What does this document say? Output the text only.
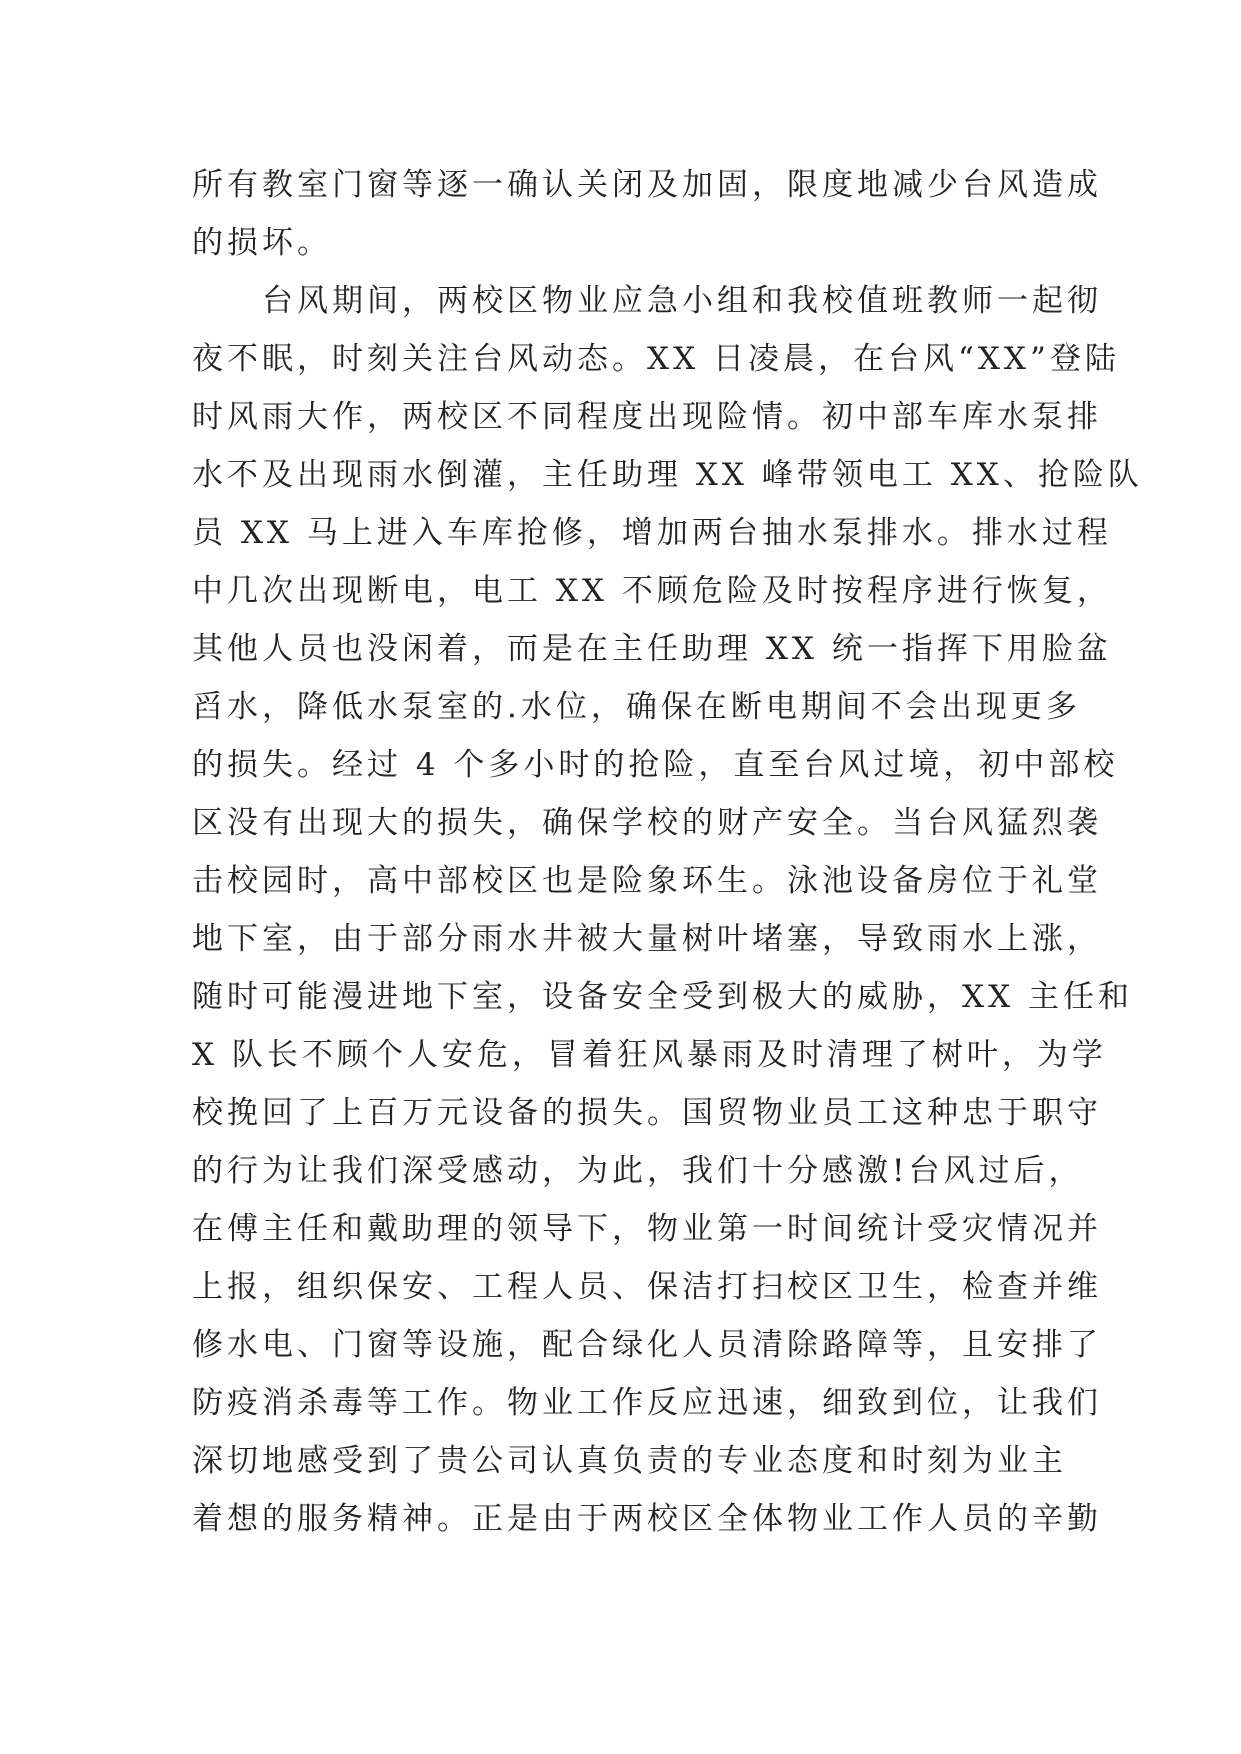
所有教室门窗等逐一确认关闭及加固，限度地减少台风造成
的损坏。
台风期间，两校区物业应急小组和我校值班教师一起彻
夜不眠，时刻关注台风动态。XX 日凌晨，在台风“XX”登陆
时风雨大作，两校区不同程度出现险情。初中部车库水泵排
水不及出现雨水倒灌，主任助理 XX 峰带领电工 XX、抢险队
员 XX 马上进入车库抢修，增加两台抽水泵排水。排水过程
中几次出现断电，电工 XX 不顾危险及时按程序进行恢复，
其他人员也没闲着，而是在主任助理 XX 统一指挥下用脸盆
舀水，降低水泵室的.水位，确保在断电期间不会出现更多
的损失。经过 4 个多小时的抢险，直至台风过境，初中部校
区没有出现大的损失，确保学校的财产安全。当台风猛烈袭
击校园时，高中部校区也是险象环生。泳池设备房位于礼堂
地下室，由于部分雨水井被大量树叶堵塞，导致雨水上涨，
随时可能漫进地下室，设备安全受到极大的威胁，XX 主任和
X 队长不顾个人安危，冒着狂风暴雨及时清理了树叶，为学
校挽回了上百万元设备的损失。国贸物业员工这种忠于职守
的行为让我们深受感动，为此，我们十分感激!台风过后，
在傅主任和戴助理的领导下，物业第一时间统计受灾情况并
上报，组织保安、工程人员、保洁打扫校区卫生，检查并维
修水电、门窗等设施，配合绿化人员清除路障等，且安排了
防疫消杀毒等工作。物业工作反应迅速，细致到位，让我们
深切地感受到了贵公司认真负责的专业态度和时刻为业主
着想的服务精神。正是由于两校区全体物业工作人员的辛勤
